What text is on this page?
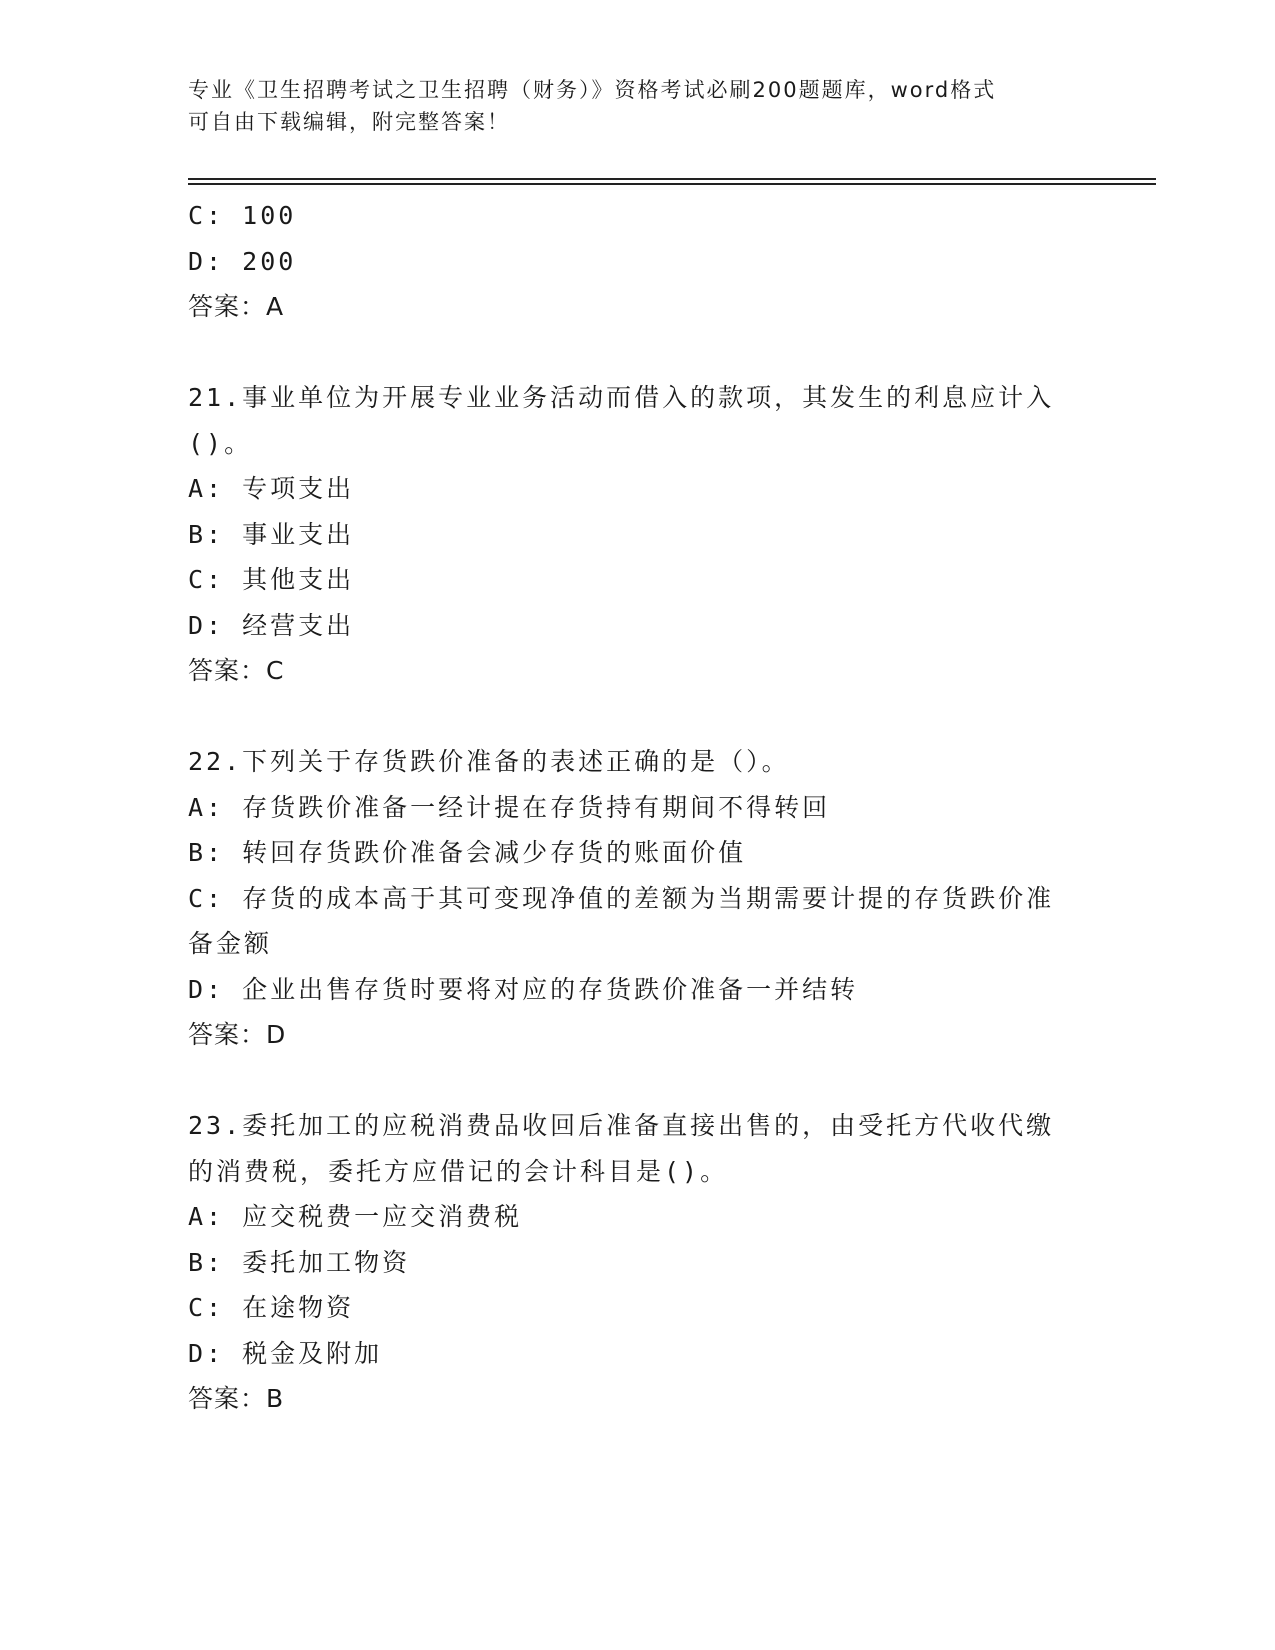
专业《卫生招聘考试之卫生招聘（财务）》资格考试必刷200题题库，word格式
可自由下载编辑，附完整答案！
C: 100
D: 200
答案：A
21.事业单位为开展专业业务活动而借入的款项，其发生的利息应计入
()。
A: 专项支出
B: 事业支出
C: 其他支出
D: 经营支出
答案：C
22.下列关于存货跌价准备的表述正确的是（）。
A: 存货跌价准备一经计提在存货持有期间不得转回
B: 转回存货跌价准备会减少存货的账面价值
C: 存货的成本高于其可变现净值的差额为当期需要计提的存货跌价准
备金额
D: 企业出售存货时要将对应的存货跌价准备一并结转
答案：D
23.委托加工的应税消费品收回后准备直接出售的，由受托方代收代缴
的消费税，委托方应借记的会计科目是()。
A: 应交税费一应交消费税
B: 委托加工物资
C: 在途物资
D: 税金及附加
答案：B
